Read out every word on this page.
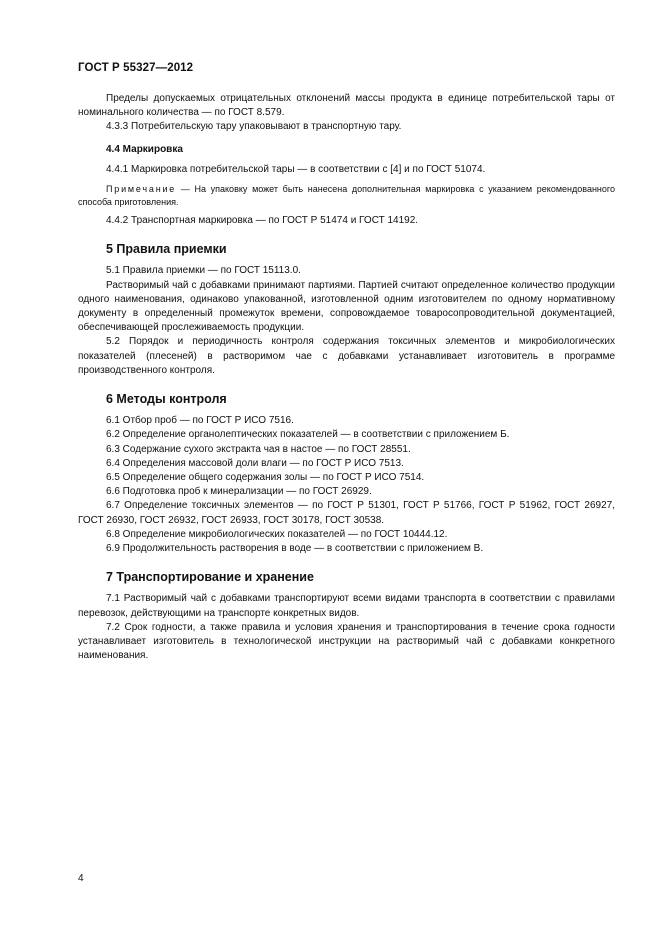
ГОСТ Р 55327—2012

Пределы допускаемых отрицательных отклонений массы продукта в единице потребительской тары от номинального количества — по ГОСТ 8.579.

4.3.3 Потребительскую тару упаковывают в транспортную тару.

4.4 Маркировка

4.4.1 Маркировка потребительской тары — в соответствии с [4] и по ГОСТ 51074.

Примечание — На упаковку может быть нанесена дополнительная маркировка с указанием рекомендованного способа приготовления.

4.4.2 Транспортная маркировка — по ГОСТ Р 51474 и ГОСТ 14192.

5 Правила приемки

5.1 Правила приемки — по ГОСТ 15113.0.

Растворимый чай с добавками принимают партиями. Партией считают определенное количество продукции одного наименования, одинаково упакованной, изготовленной одним изготовителем по одному нормативному документу в определенный промежуток времени, сопровождаемое товаросопроводительной документацией, обеспечивающей прослеживаемость продукции.

5.2 Порядок и периодичность контроля содержания токсичных элементов и микробиологических показателей (плесеней) в растворимом чае с добавками устанавливает изготовитель в программе производственного контроля.

6 Методы контроля

6.1 Отбор проб — по ГОСТ Р ИСО 7516.

6.2 Определение органолептических показателей — в соответствии с приложением Б.

6.3 Содержание сухого экстракта чая в настое — по ГОСТ 28551.

6.4 Определения массовой доли влаги — по ГОСТ Р ИСО 7513.

6.5 Определение общего содержания золы — по ГОСТ Р ИСО 7514.

6.6 Подготовка проб к минерализации — по ГОСТ 26929.

6.7 Определение токсичных элементов — по ГОСТ Р 51301, ГОСТ Р 51766, ГОСТ Р 51962, ГОСТ 26927, ГОСТ 26930, ГОСТ 26932, ГОСТ 26933, ГОСТ 30178, ГОСТ 30538.

6.8 Определение микробиологических показателей — по ГОСТ 10444.12.

6.9 Продолжительность растворения в воде — в соответствии с приложением В.

7 Транспортирование и хранение

7.1 Растворимый чай с добавками транспортируют всеми видами транспорта в соответствии с правилами перевозок, действующими на транспорте конкретных видов.

7.2 Срок годности, а также правила и условия хранения и транспортирования в течение срока годности устанавливает изготовитель в технологической инструкции на растворимый чай с добавками конкретного наименования.

4
